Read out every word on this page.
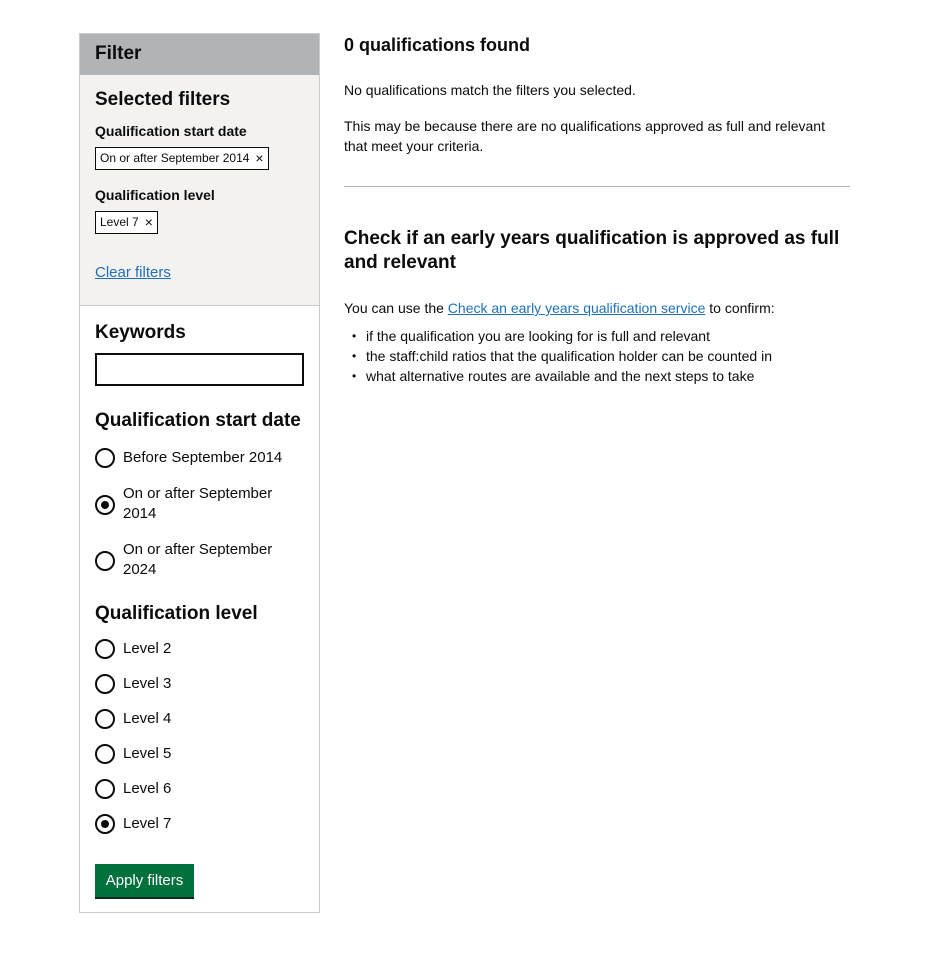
Filter
Selected filters
Qualification start date
On or after September 2014 ×
Qualification level
Level 7 ×
Clear filters
Keywords
Qualification start date
Before September 2014
On or after September 2014
On or after September 2024
Qualification level
Level 2
Level 3
Level 4
Level 5
Level 6
Level 7
Apply filters
0 qualifications found

No qualifications match the filters you selected.

This may be because there are no qualifications approved as full and relevant that meet your criteria.

Check if an early years qualification is approved as full and relevant

You can use the Check an early years qualification service to confirm:

• if the qualification you are looking for is full and relevant
• the staff:child ratios that the qualification holder can be counted in
• what alternative routes are available and the next steps to take
